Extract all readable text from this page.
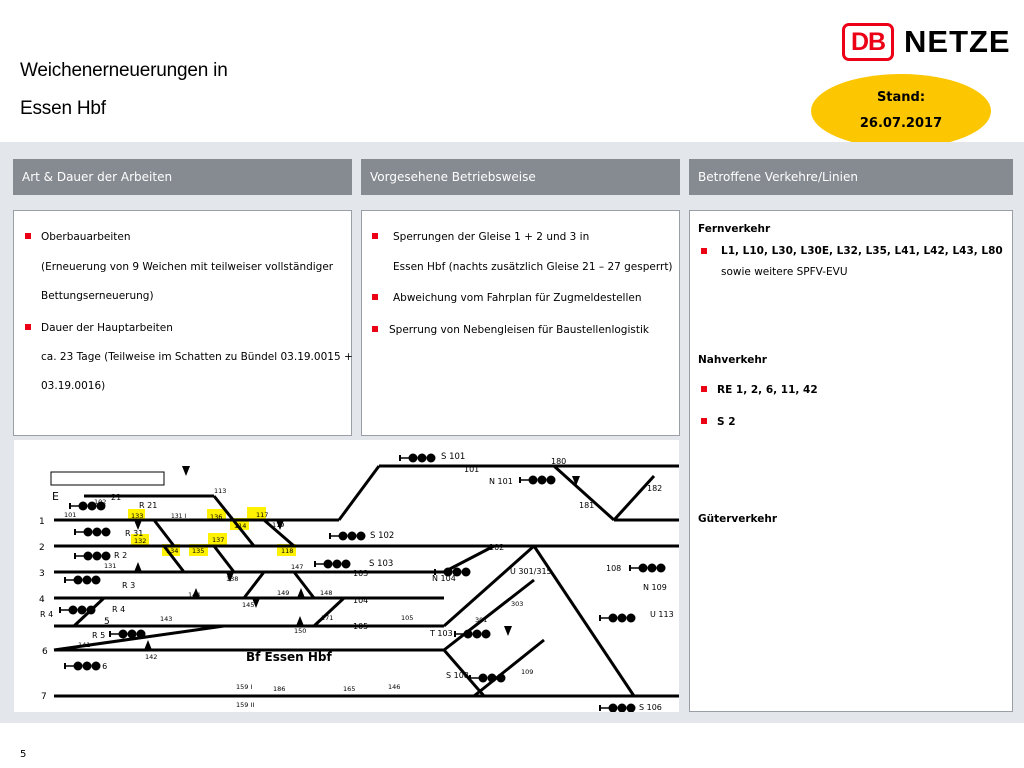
Weichenerneuerungen in
Essen Hbf
DB NETZE
Stand:
26.07.2017
Art & Dauer der Arbeiten	Vorgesehene Betriebsweise	Betroffene Verkehre/Linien
Oberbauarbeiten
(Erneuerung von 9 Weichen mit teilweiser vollständiger
Bettungserneuerung)
Dauer der Hauptarbeiten
ca. 23 Tage (Teilweise im Schatten zu Bündel 03.19.0015 +
03.19.0016)
Sperrungen der Gleise 1 + 2 und 3 in
Essen Hbf (nachts zusätzlich Gleise 21 – 27 gesperrt)
Abweichung vom Fahrplan für Zugmeldestellen
Sperrung von Nebengleisen für Baustellenlogistik
Fernverkehr
L1, L10, L30, L30E, L32, L35, L41, L42, L43, L80
sowie weitere SPFV-EVU
Nahverkehr
RE 1, 2, 6, 11, 42
S 2
Güterverkehr
S 101
101
180
N 101
181
182
21
102
E	113
R 21
101	131 I
1
133	136	117
114	119
R 31
132	137	S 102
2
R 2	134 135	118	102
131	S 103
147
3	103
R 3
138	N 104
U 301/315	108
N 109
144	149	148
4	104
145
R 4
R 4
303
U 113
143	171	105
5
R 5
105
301
150	T 103
141
6	142	Bf Essen Hbf
R 6
S 108	109
159 I	186	165	146
7
159 II	S 106
5
